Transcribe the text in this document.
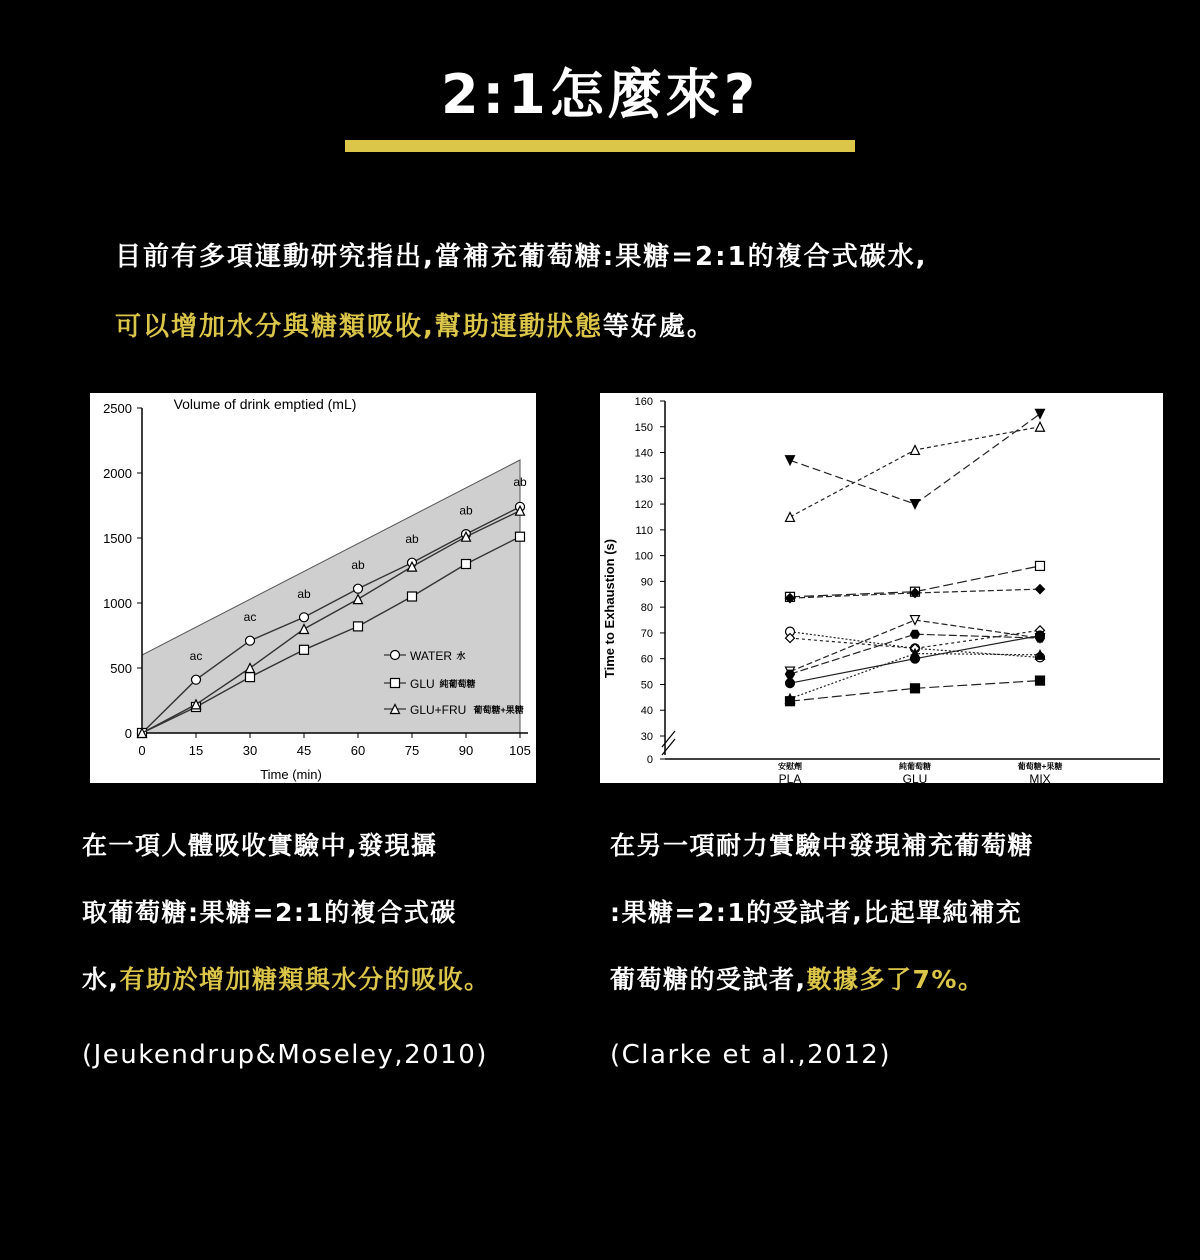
2:1怎麼來?
目前有多項運動研究指出,當補充葡萄糖:果糖=2:1的複合式碳水,
可以增加水分與糖類吸收,幫助運動狀態等好處。
0
500
1000
1500
2000
2500
0	15	30	45	60	75	90	105
Time (min)
Volume of drink emptied (mL)
ac
ac
ab
ab
ab
ab
ab
WATER 水
GLU 純葡萄糖
GLU+FRU 葡萄糖+果糖
0
30
40
50
60
70
80
90
100
110
120
130
140
150
160
Time to Exhaustion (s)
安慰劑
PLA
純葡萄糖
GLU
葡萄糖+果糖
MIX
在一項人體吸收實驗中,發現攝
取葡萄糖:果糖=2:1的複合式碳
水,有助於增加糖類與水分的吸收。
在另一項耐力實驗中發現補充葡萄糖
:果糖=2:1的受試者,比起單純補充
葡萄糖的受試者,數據多了7%。
(Jeukendrup&Moseley,2010)	(Clarke et al.,2012)
